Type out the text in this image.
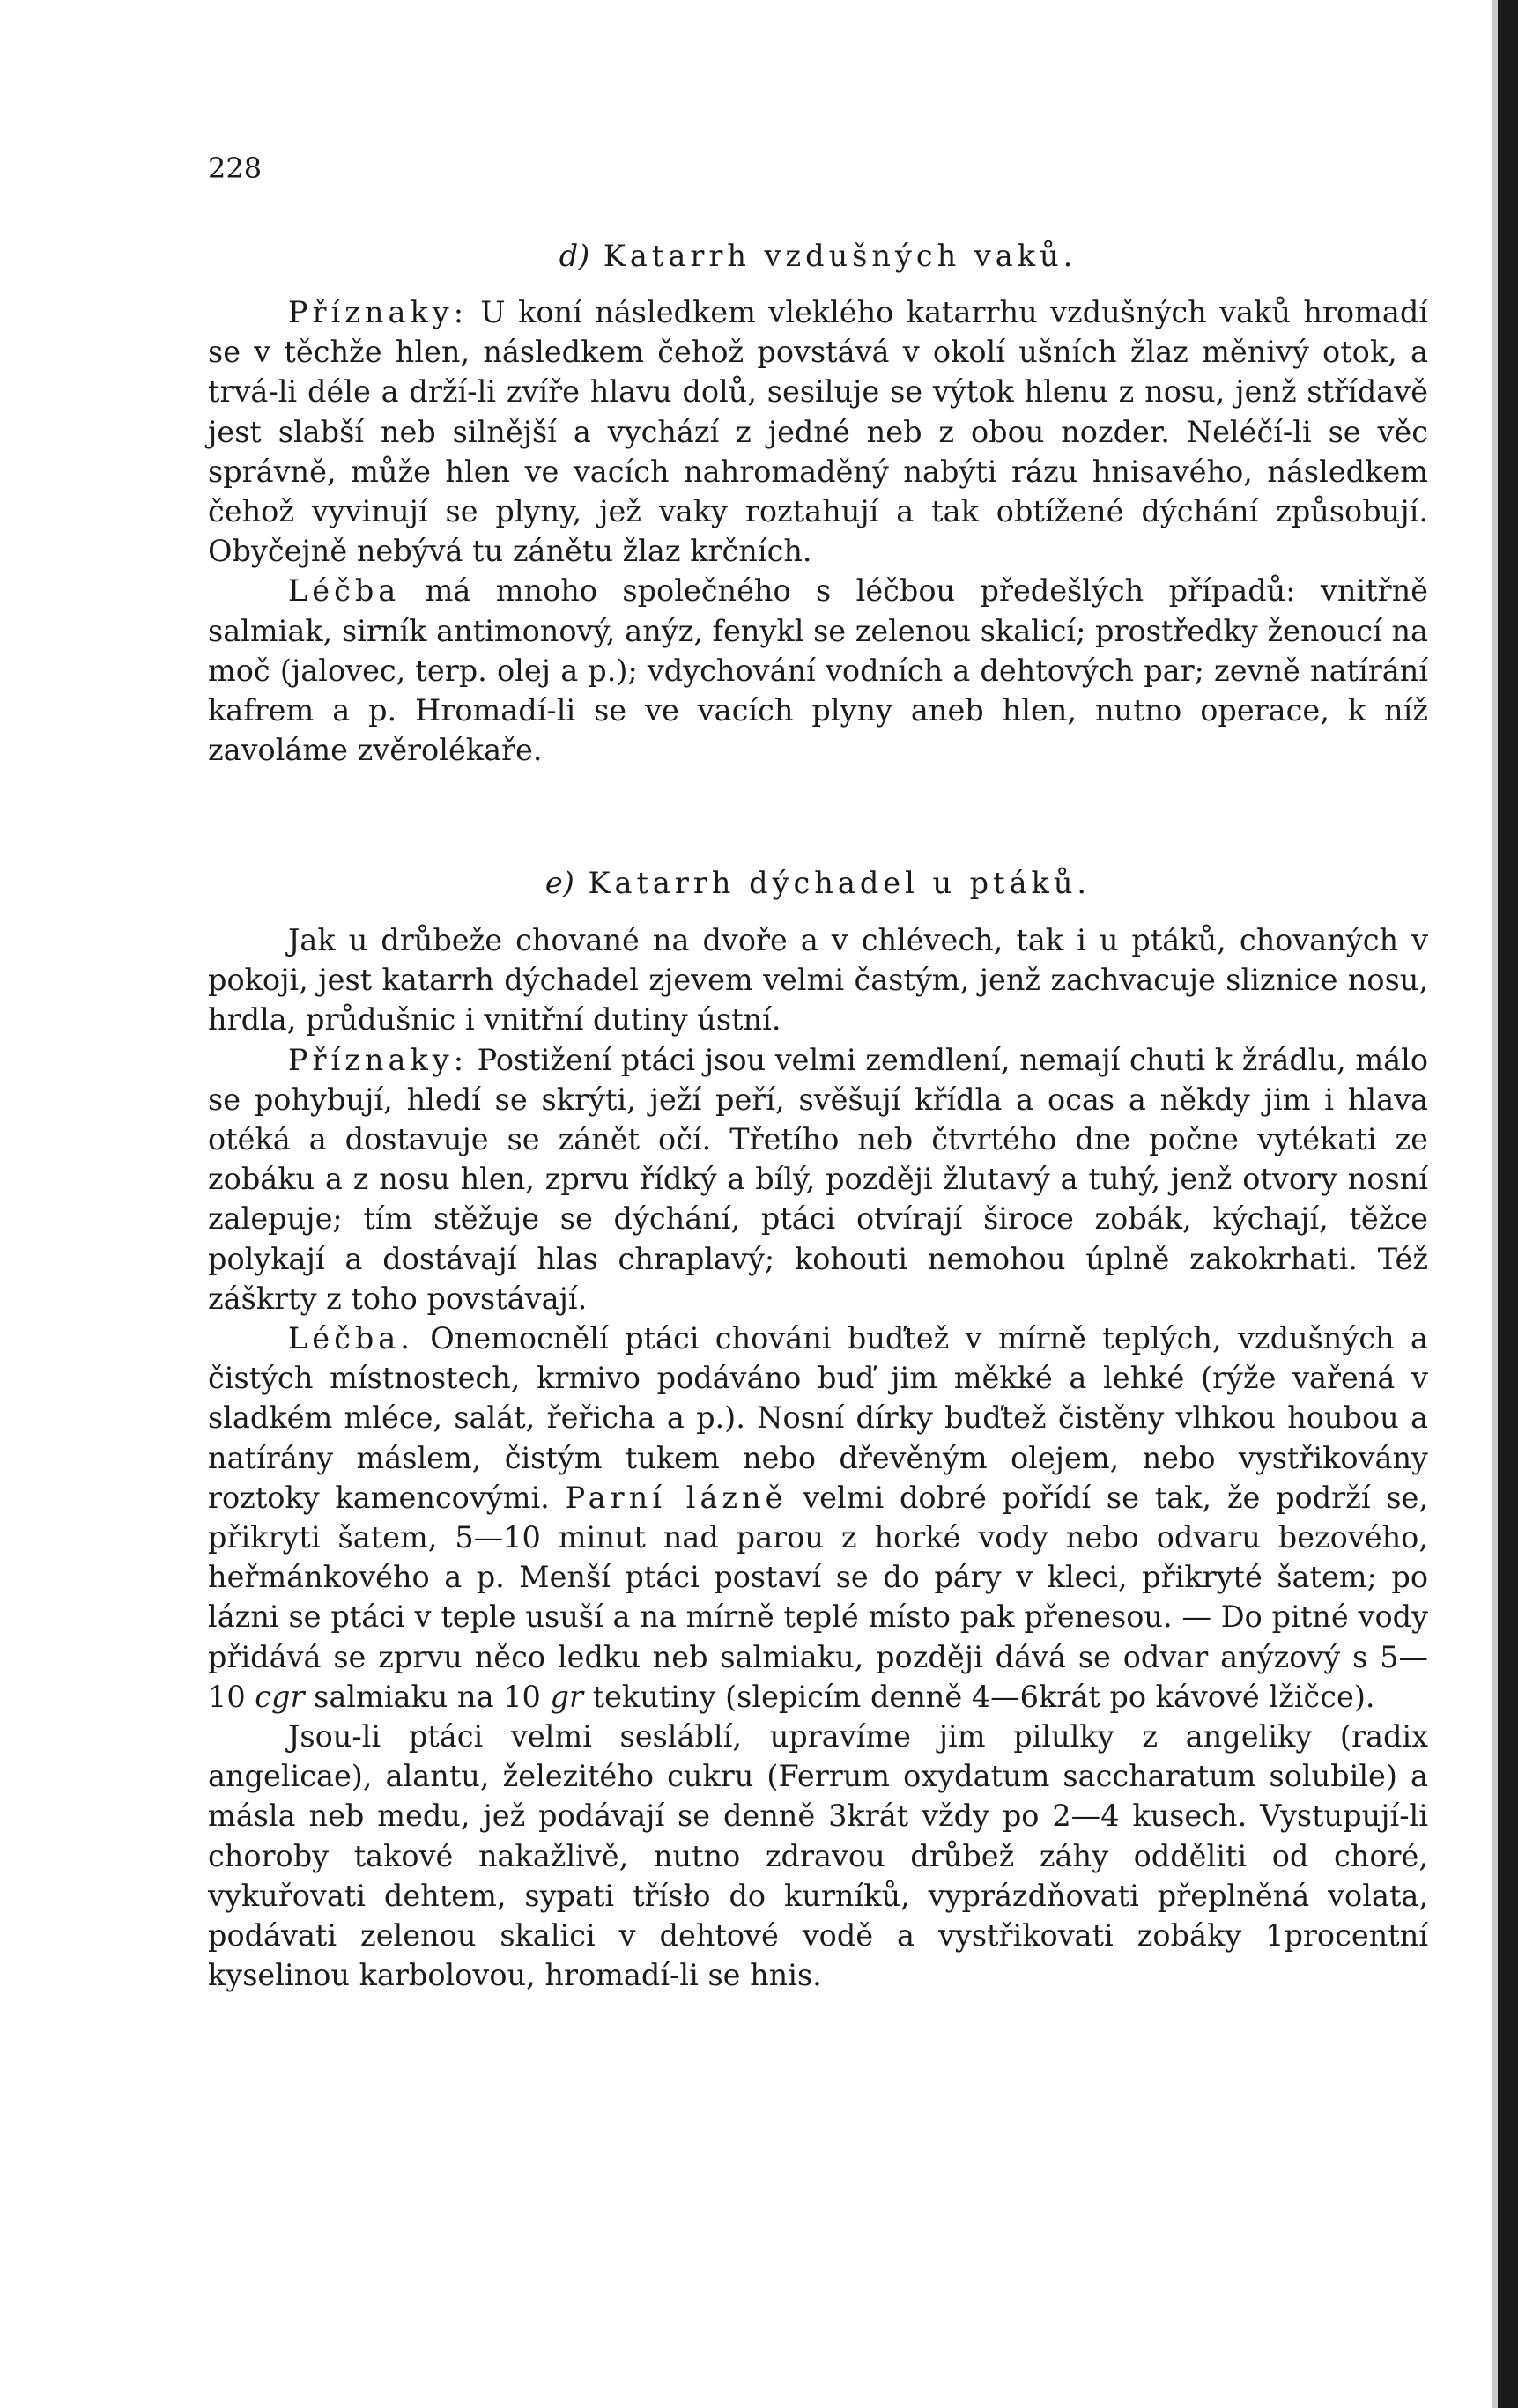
228
d) Katarrh vzdušných vaků.

Příznaky: U koní následkem vleklého katarrhu vzdušných vaků hromadí se v těchže hlen, následkem čehož povstává v okolí ušních žlaz měnivý otok, a trvá-li déle a drží-li zvíře hlavu dolů, sesiluje se výtok hlenu z nosu, jenž střídavě jest slabší neb silnější a vychází z jedné neb z obou nozder. Neléčí-li se věc správně, může hlen ve vacích nahromaděný nabýti rázu hnisavého, následkem čehož vyvinují se plyny, jež vaky roztahují a tak obtížené dýchání způsobují. Obyčejně nebývá tu zánětu žlaz krčních.

Léčba má mnoho společného s léčbou předešlých případů: vnitřně salmiak, sirník antimonový, anýz, fenykl se zelenou skalicí; prostředky ženoucí na moč (jalovec, terp. olej a p.); vdychování vodních a dehtových par; zevně natírání kafrem a p. Hromadí-li se ve vacích plyny aneb hlen, nutno operace, k níž zavoláme zvěrolékaře.

e) Katarrh dýchadel u ptáků.

Jak u drůbeže chované na dvoře a v chlévech, tak i u ptáků, chovaných v pokoji, jest katarrh dýchadel zjevem velmi častým, jenž zachvacuje sliznice nosu, hrdla, průdušnic i vnitřní dutiny ústní.

Příznaky: Postižení ptáci jsou velmi zemdlení, nemají chuti k žrádlu, málo se pohybují, hledí se skrýti, ježí peří, svěšují křídla a ocas a někdy jim i hlava otéká a dostavuje se zánět očí. Třetího neb čtvrtého dne počne vytékati ze zobáku a z nosu hlen, zprvu řídký a bílý, později žlutavý a tuhý, jenž otvory nosní zalepuje; tím stěžuje se dýchání, ptáci otvírají široce zobák, kýchají, těžce polykají a dostávají hlas chraplavý; kohouti nemohou úplně zakokrhati. Též záškrty z toho povstávají.

Léčba. Onemocnělí ptáci chováni buďtež v mírně teplých, vzdušných a čistých místnostech, krmivo podáváno buď jim měkké a lehké (rýže vařená v sladkém mléce, salát, řeřicha a p.). Nosní dírky buďtež čistěny vlhkou houbou a natírány máslem, čistým tukem nebo dřevěným olejem, nebo vystřikovány roztoky kamencovými. Parní lázně velmi dobré pořídí se tak, že podrží se, přikryti šatem, 5—10 minut nad parou z horké vody nebo odvaru bezového, heřmánkového a p. Menší ptáci postaví se do páry v kleci, přikryté šatem; po lázni se ptáci v teple usuší a na mírně teplé místo pak přenesou. — Do pitné vody přidává se zprvu něco ledku neb salmiaku, později dává se odvar anýzový s 5—10 cgr salmiaku na 10 gr tekutiny (slepicím denně 4—6krát po kávové lžičce).

Jsou-li ptáci velmi sesláblí, upravíme jim pilulky z angeliky (radix angelicae), alantu, železitého cukru (Ferrum oxydatum saccharatum solubile) a másla neb medu, jež podávají se denně 3krát vždy po 2—4 kusech. Vystupují-li choroby takové nakažlivě, nutno zdravou drůbež záhy odděliti od choré, vykuřovati dehtem, sypati třísło do kurníků, vyprázdňovati přeplněná volata, podávati zelenou skalici v dehtové vodě a vystřikovati zobáky 1procentní kyselinou karbolovou, hromadí-li se hnis.
